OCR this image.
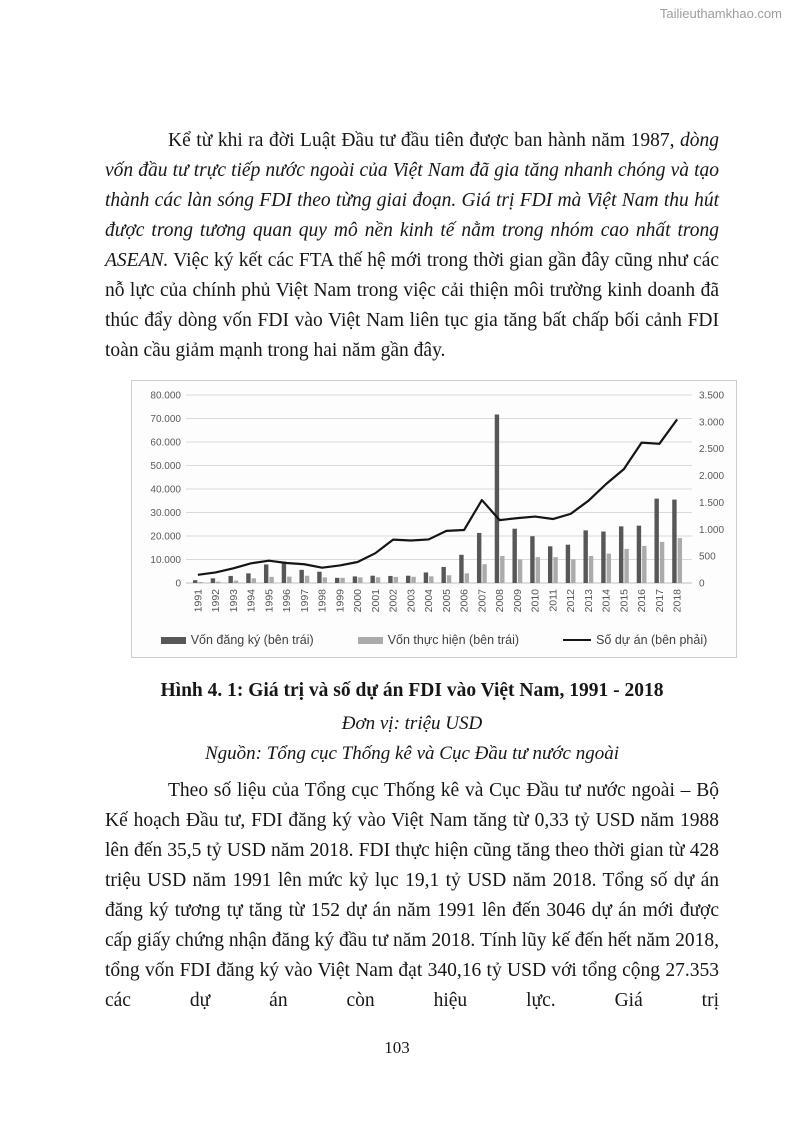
Tailieuthamkhao.com

Kể từ khi ra đời Luật Đầu tư đầu tiên được ban hành năm 1987, dòng vốn đầu tư trực tiếp nước ngoài của Việt Nam đã gia tăng nhanh chóng và tạo thành các làn sóng FDI theo từng giai đoạn. Giá trị FDI mà Việt Nam thu hút được trong tương quan quy mô nền kinh tế nằm trong nhóm cao nhất trong ASEAN. Việc ký kết các FTA thế hệ mới trong thời gian gần đây cũng như các nỗ lực của chính phủ Việt Nam trong việc cải thiện môi trường kinh doanh đã thúc đẩy dòng vốn FDI vào Việt Nam liên tục gia tăng bất chấp bối cảnh FDI toàn cầu giảm mạnh trong hai năm gần đây.

0
10.000
20.000
30.000
40.000
50.000
60.000
70.000
80.000
0
500
1.000
1.500
2.000
2.500
3.000
3.500
1991 1992 1993 1994 1995 1996 1997 1998 1999 2000 2001 2002 2003 2004 2005 2006 2007 2008 2009 2010 2011 2012 2013 2014 2015 2016 2017 2018
Vốn đăng ký (bên trái)	Vốn thực hiện (bên trái)	Số dự án (bên phải)
Hình 4. 1: Giá trị và số dự án FDI vào Việt Nam, 1991 - 2018
Đơn vị: triệu USD
Nguồn: Tổng cục Thống kê và Cục Đầu tư nước ngoài

Theo số liệu của Tổng cục Thống kê và Cục Đầu tư nước ngoài – Bộ Kế hoạch Đầu tư, FDI đăng ký vào Việt Nam tăng từ 0,33 tỷ USD năm 1988 lên đến 35,5 tỷ USD năm 2018. FDI thực hiện cũng tăng theo thời gian từ 428 triệu USD năm 1991 lên mức kỷ lục 19,1 tỷ USD năm 2018. Tổng số dự án đăng ký tương tự tăng từ 152 dự án năm 1991 lên đến 3046 dự án mới được cấp giấy chứng nhận đăng ký đầu tư năm 2018. Tính lũy kế đến hết năm 2018, tổng vốn FDI đăng ký vào Việt Nam đạt 340,16 tỷ USD với tổng cộng 27.353 các dự án còn hiệu lực. Giá trị

103
